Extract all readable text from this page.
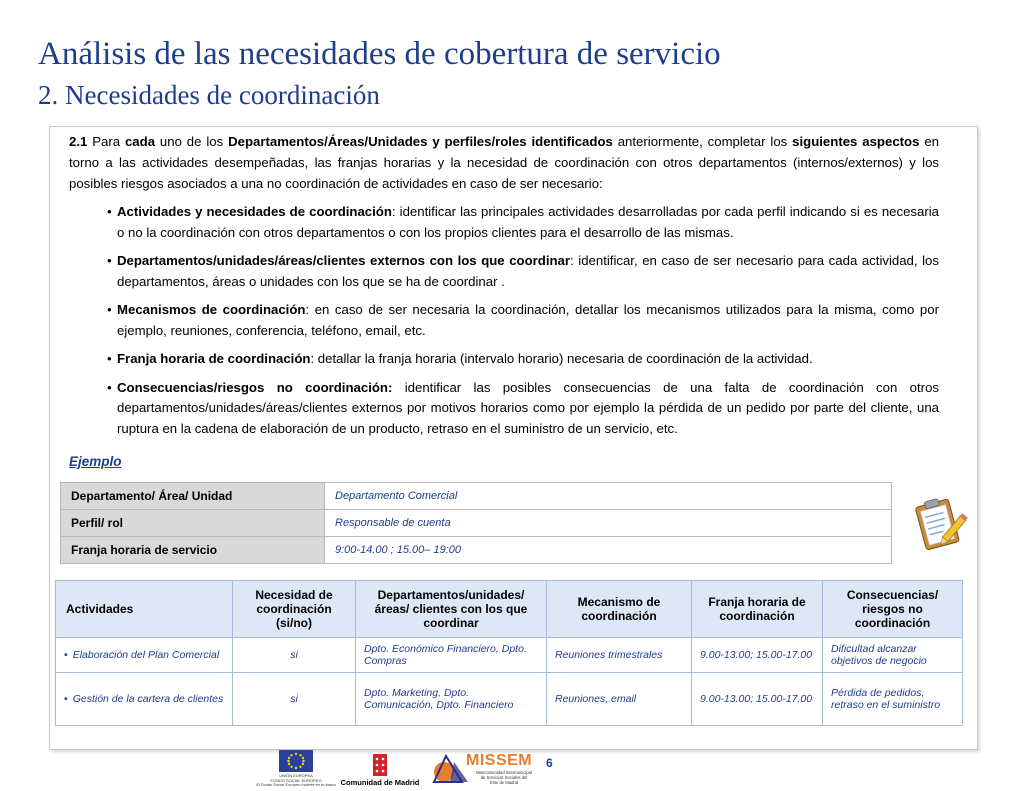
Análisis de las necesidades de cobertura de servicio
2. Necesidades de coordinación
2.1 Para cada uno de los Departamentos/Áreas/Unidades y perfiles/roles identificados anteriormente, completar los siguientes aspectos en torno a las actividades desempeñadas, las franjas horarias y la necesidad de coordinación con otros departamentos (internos/externos) y los posibles riesgos asociados a una no coordinación de actividades en caso de ser necesario:
• Actividades y necesidades de coordinación: identificar las principales actividades desarrolladas por cada perfil indicando si es necesaria o no la coordinación con otros departamentos o con los propios clientes para el desarrollo de las mismas.
• Departamentos/unidades/áreas/clientes externos con los que coordinar: identificar, en caso de ser necesario para cada actividad, los departamentos, áreas o unidades con los que se ha de coordinar .
• Mecanismos de coordinación: en caso de ser necesaria la coordinación, detallar los mecanismos utilizados para la misma, como por ejemplo, reuniones, conferencia, teléfono, email, etc.
• Franja horaria de coordinación: detallar la franja horaria (intervalo horario) necesaria de coordinación de la actividad.
• Consecuencias/riesgos no coordinación: identificar las posibles consecuencias de una falta de coordinación con otros departamentos/unidades/áreas/clientes externos por motivos horarios como por ejemplo la pérdida de un pedido por parte del cliente, una ruptura en la cadena de elaboración de un producto, retraso en el suministro de un servicio, etc.
Ejemplo
Departamento/ Área/ Unidad	Departamento Comercial
Perfil/ rol	Responsable de cuenta
Franja horaria de servicio	9:00-14.00 ; 15.00– 19:00
Actividades	Necesidad de coordinación (si/no)	Departamentos/unidades/ áreas/ clientes con los que coordinar	Mecanismo de coordinación	Franja horaria de coordinación	Consecuencias/ riesgos no coordinación
• Elaboración del Plan Comercial	si	Dpto. Económico Financiero, Dpto. Compras	Reuniones trimestrales	9.00-13.00; 15.00-17.00	Dificultad alcanzar objetivos de negocio
• Gestión de la cartera de clientes	si	Dpto. Marketing, Dpto. Comunicación, Dpto. Financiero	Reuniones, email	9.00-13.00; 15.00-17.00	Pérdida de pedidos, retraso en el suministro
UNIÓN EUROPEA
FONDO SOCIAL EUROPEO
El Fondo Social Europeo invierte en tu futuro Comunidad de Madrid
MISSEM
Mancomunidad Intermunicipal
de Servicios Sociales del
Este de Madrid
6
